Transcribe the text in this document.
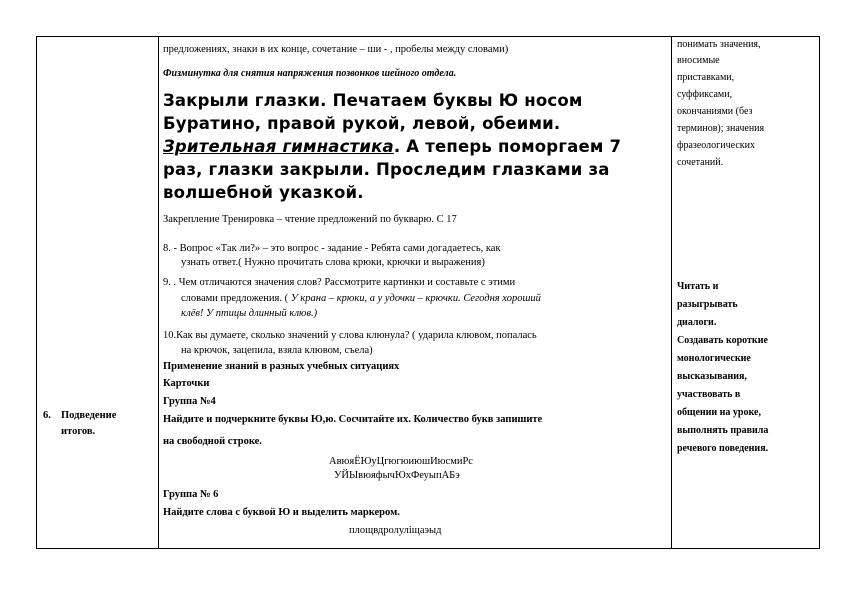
6. Подведение
итогов.
предложениях, знаки в их конце, сочетание – ши - , пробелы между словами)
Физминутка для снятия напряжения позвонков шейного отдела.
Закрыли глазки. Печатаем буквы Ю носом
Буратино, правой рукой, левой, обеими.
Зрительная гимнастика. А теперь поморгаем 7
раз, глазки закрыли. Проследим глазками за
волшебной указкой.
Закрепление Тренировка – чтение предложений по букварю. С 17
8. - Вопрос «Так ли?» – это вопрос - задание - Ребята сами догадаетесь, как
узнать ответ.( Нужно прочитать слова крюки, крючки и выражения)
9. . Чем отличаются значения слов? Рассмотрите картинки и составьте с этими
словами предложения. ( У крана – крюки, а у удочки – крючки. Сегодня хороший
клёв! У птицы длинный клюв.)
10.Как вы думаете, сколько значений у слова клюнула? ( ударила клювом, попалась
на крючок, зацепила, взяла клювом, съела)
Применение знаний в разных учебных ситуациях
Карточки
Группа №4
Найдите и подчеркните буквы Ю,ю. Сосчитайте их. Количество букв запишите
на свободной строке.
АвюяЁЮуЦгюгюиюшИюсмиРс
УЙЫвюяфычЮхФеуыпАБэ
Группа № 6
Найдите слова с буквой Ю и выделить маркером.
площвдролуліщаэыд
понимать значения,
вносимые
приставками,
суффиксами,
окончаниями (без
терминов); значения
фразеологических
сочетаний.
Читать и
разыгрывать
диалоги.
Создавать короткие
монологические
высказывания,
участвовать в
общении на уроке,
выполнять правила
речевого поведения.
